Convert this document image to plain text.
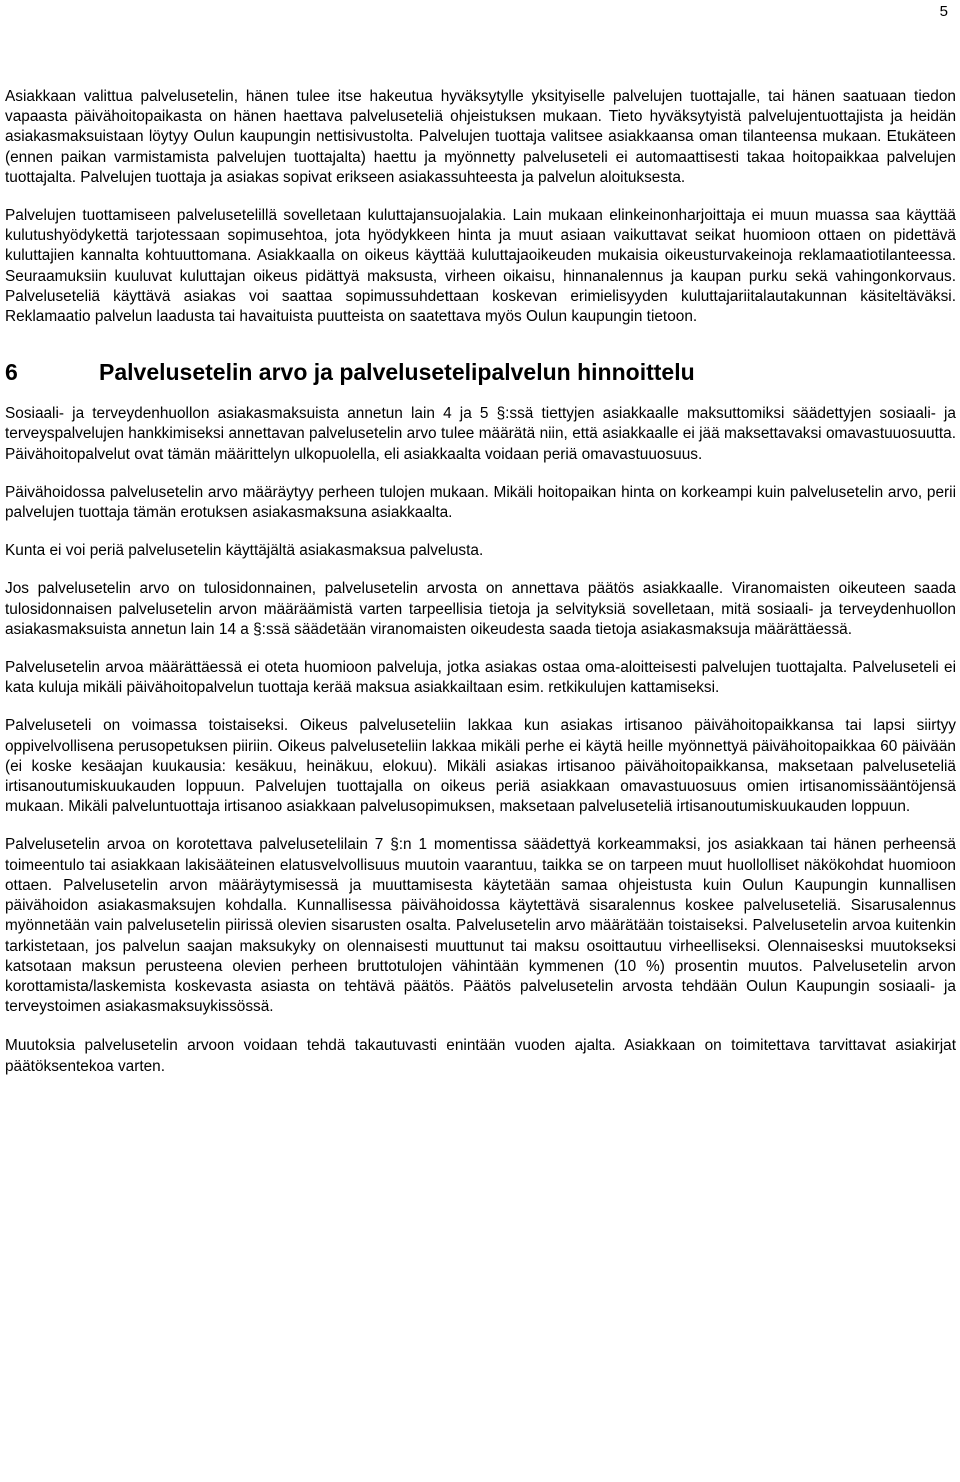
5

Asiakkaan valittua palvelusetelin, hänen tulee itse hakeutua hyväksytylle yksityiselle palvelujen tuottajalle, tai hänen saatuaan tiedon vapaasta päivähoitopaikasta on hänen haettava palveluseteliä ohjeistuksen mukaan. Tieto hyväksytyistä palvelujentuottajista ja heidän asiakasmaksuistaan löytyy Oulun kaupungin nettisivustolta. Palvelujen tuottaja valitsee asiakkaansa oman tilanteensa mukaan. Etukäteen (ennen paikan varmistamista palvelujen tuottajalta) haettu ja myönnetty palveluseteli ei automaattisesti takaa hoitopaikkaa palvelujen tuottajalta. Palvelujen tuottaja ja asiakas sopivat erikseen asiakassuhteesta ja palvelun aloituksesta.

Palvelujen tuottamiseen palvelusetelillä sovelletaan kuluttajansuojalakia. Lain mukaan elinkeinonharjoittaja ei muun muassa saa käyttää kulutushyödykettä tarjotessaan sopimusehtoa, jota hyödykkeen hinta ja muut asiaan vaikuttavat seikat huomioon ottaen on pidettävä kuluttajien kannalta kohtuuttomana. Asiakkaalla on oikeus käyttää kuluttajaoikeuden mukaisia oikeusturvakeinoja reklamaatiotilanteessa. Seuraamuksiin kuuluvat kuluttajan oikeus pidättyä maksusta, virheen oikaisu, hinnanalennus ja kaupan purku sekä vahingonkorvaus. Palveluseteliä käyttävä asiakas voi saattaa sopimussuhdettaan koskevan erimielisyyden kuluttajariitalautakunnan käsiteltäväksi. Reklamaatio palvelun laadusta tai havaituista puutteista on saatettava myös Oulun kaupungin tietoon.

6	Palvelusetelin arvo ja palvelusetelipalvelun hinnoittelu

Sosiaali- ja terveydenhuollon asiakasmaksuista annetun lain 4 ja 5 §:ssä tiettyjen asiakkaalle maksuttomiksi säädettyjen sosiaali- ja terveyspalvelujen hankkimiseksi annettavan palvelusetelin arvo tulee määrätä niin, että asiakkaalle ei jää maksettavaksi omavastuuosuutta. Päivähoitopalvelut ovat tämän määrittelyn ulkopuolella, eli asiakkaalta voidaan periä omavastuuosuus.

Päivähoidossa palvelusetelin arvo määräytyy perheen tulojen mukaan. Mikäli hoitopaikan hinta on korkeampi kuin palvelusetelin arvo, perii palvelujen tuottaja tämän erotuksen asiakasmaksuna asiakkaalta.

Kunta ei voi periä palvelusetelin käyttäjältä asiakasmaksua palvelusta.

Jos palvelusetelin arvo on tulosidonnainen, palvelusetelin arvosta on annettava päätös asiakkaalle. Viranomaisten oikeuteen saada tulosidonnaisen palvelusetelin arvon määräämistä varten tarpeellisia tietoja ja selvityksiä sovelletaan, mitä sosiaali- ja terveydenhuollon asiakasmaksuista annetun lain 14 a §:ssä säädetään viranomaisten oikeudesta saada tietoja asiakasmaksuja määrättäessä.

Palvelusetelin arvoa määrättäessä ei oteta huomioon palveluja, jotka asiakas ostaa oma-aloitteisesti palvelujen tuottajalta. Palveluseteli ei kata kuluja mikäli päivähoitopalvelun tuottaja kerää maksua asiakkailtaan esim. retkikulujen kattamiseksi.

Palveluseteli on voimassa toistaiseksi. Oikeus palveluseteliin lakkaa kun asiakas irtisanoo päivähoitopaikkansa tai lapsi siirtyy oppivelvollisena perusopetuksen piiriin. Oikeus palveluseteliin lakkaa mikäli perhe ei käytä heille myönnettyä päivähoitopaikkaa 60 päivään (ei koske kesäajan kuukausia: kesäkuu, heinäkuu, elokuu). Mikäli asiakas irtisanoo päivähoitopaikkansa, maksetaan palveluseteliä irtisanoutumiskuukauden loppuun. Palvelujen tuottajalla on oikeus periä asiakkaan omavastuuosuus omien irtisanomissääntöjensä mukaan. Mikäli palveluntuottaja irtisanoo asiakkaan palvelusopimuksen, maksetaan palveluseteliä irtisanoutumiskuukauden loppuun.

Palvelusetelin arvoa on korotettava palvelusetelilain 7 §:n 1 momentissa säädettyä korkeammaksi, jos asiakkaan tai hänen perheensä toimeentulo tai asiakkaan lakisääteinen elatusvelvollisuus muutoin vaarantuu, taikka se on tarpeen muut huollolliset näkökohdat huomioon ottaen. Palvelusetelin arvon määräytymisessä ja muuttamisesta käytetään samaa ohjeistusta kuin Oulun Kaupungin kunnallisen päivähoidon asiakasmaksujen kohdalla. Kunnallisessa päivähoidossa käytettävä sisaralennus koskee palveluseteliä. Sisarusalennus myönnetään vain palvelusetelin piirissä olevien sisarusten osalta. Palvelusetelin arvo määrätään toistaiseksi. Palvelusetelin arvoa kuitenkin tarkistetaan, jos palvelun saajan maksukyky on olennaisesti muuttunut tai maksu osoittautuu virheelliseksi. Olennaisesksi muutokseksi katsotaan maksun perusteena olevien perheen bruttotulojen vähintään kymmenen (10 %) prosentin muutos. Palvelusetelin arvon korottamista/laskemista koskevasta asiasta on tehtävä päätös. Päätös palvelusetelin arvosta tehdään Oulun Kaupungin sosiaali- ja terveystoimen asiakasmaksuykissössä.

Muutoksia palvelusetelin arvoon voidaan tehdä takautuvasti enintään vuoden ajalta. Asiakkaan on toimitettava tarvittavat asiakirjat päätöksentekoa varten.
